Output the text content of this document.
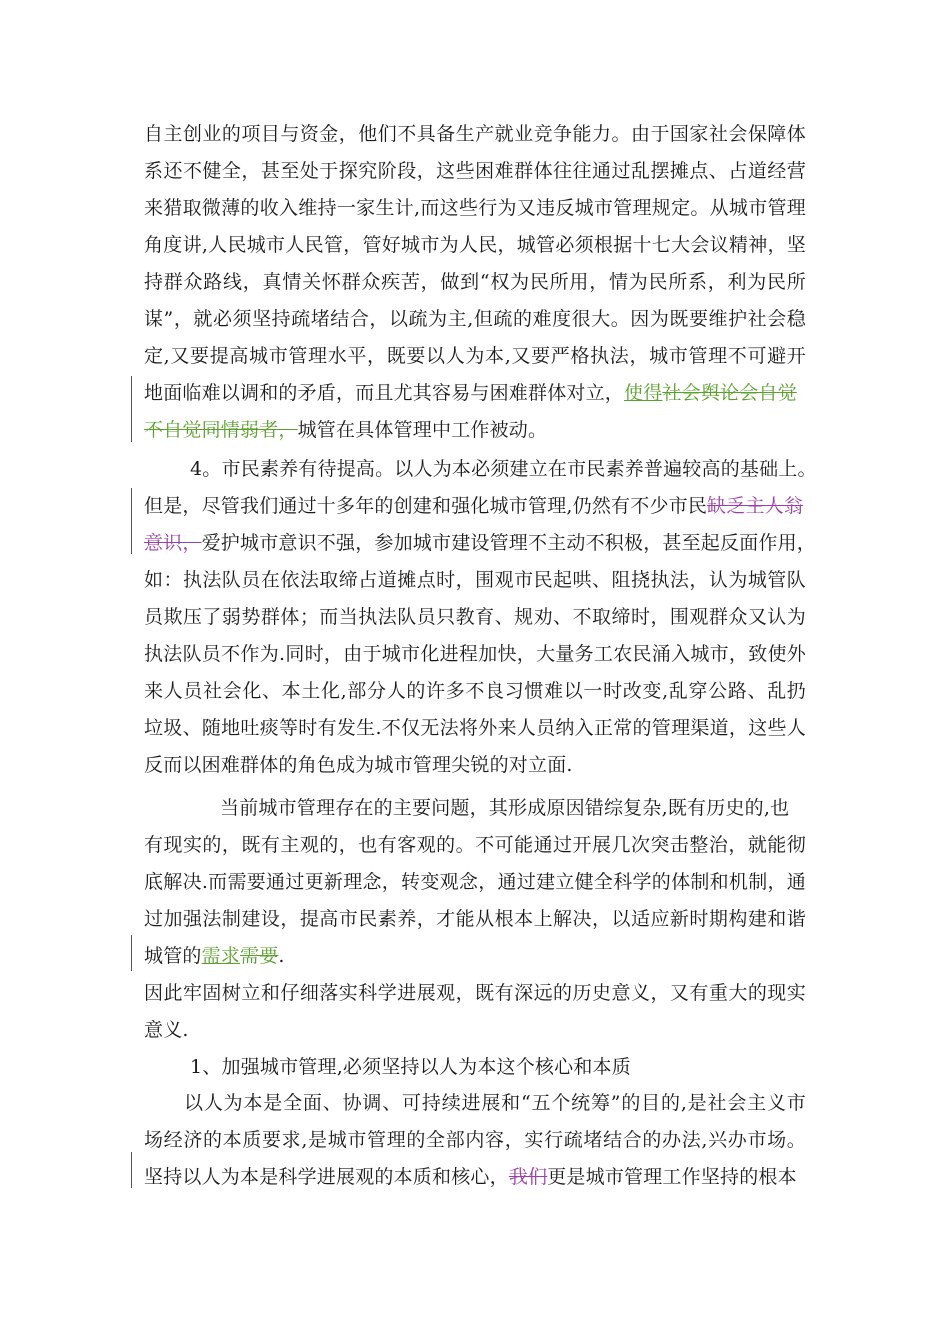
自主创业的项目与资金，他们不具备生产就业竞争能力。由于国家社会保障体
系还不健全，甚至处于探究阶段，这些困难群体往往通过乱摆摊点、占道经营
来猎取微薄的收入维持一家生计,而这些行为又违反城市管理规定。从城市管理
角度讲,人民城市人民管，管好城市为人民，城管必须根据十七大会议精神，坚
持群众路线，真情关怀群众疾苦，做到“权为民所用，情为民所系，利为民所
谋”，就必须坚持疏堵结合，以疏为主,但疏的难度很大。因为既要维护社会稳
定,又要提高城市管理水平，既要以人为本,又要严格执法，城市管理不可避开
地面临难以调和的矛盾，而且尤其容易与困难群体对立，使得社会舆论会自觉
不自觉同情弱者，城管在具体管理中工作被动。
4。市民素养有待提高。以人为本必须建立在市民素养普遍较高的基础上。
但是，尽管我们通过十多年的创建和强化城市管理,仍然有不少市民缺乏主人翁
意识，爱护城市意识不强，参加城市建设管理不主动不积极，甚至起反面作用，
如：执法队员在依法取缔占道摊点时，围观市民起哄、阻挠执法，认为城管队
员欺压了弱势群体；而当执法队员只教育、规劝、不取缔时，围观群众又认为
执法队员不作为.同时，由于城市化进程加快，大量务工农民涌入城市，致使外
来人员社会化、本土化,部分人的许多不良习惯难以一时改变,乱穿公路、乱扔
垃圾、随地吐痰等时有发生.不仅无法将外来人员纳入正常的管理渠道，这些人
反而以困难群体的角色成为城市管理尖锐的对立面.
当前城市管理存在的主要问题，其形成原因错综复杂,既有历史的,也
有现实的，既有主观的，也有客观的。不可能通过开展几次突击整治，就能彻
底解决.而需要通过更新理念，转变观念，通过建立健全科学的体制和机制，通
过加强法制建设，提高市民素养，才能从根本上解决，以适应新时期构建和谐
城管的需求需要.
因此牢固树立和仔细落实科学进展观，既有深远的历史意义，又有重大的现实
意义.
1、加强城市管理,必须坚持以人为本这个核心和本质
以人为本是全面、协调、可持续进展和“五个统筹”的目的,是社会主义市
场经济的本质要求,是城市管理的全部内容，实行疏堵结合的办法,兴办市场。
坚持以人为本是科学进展观的本质和核心，我们更是城市管理工作坚持的根本
